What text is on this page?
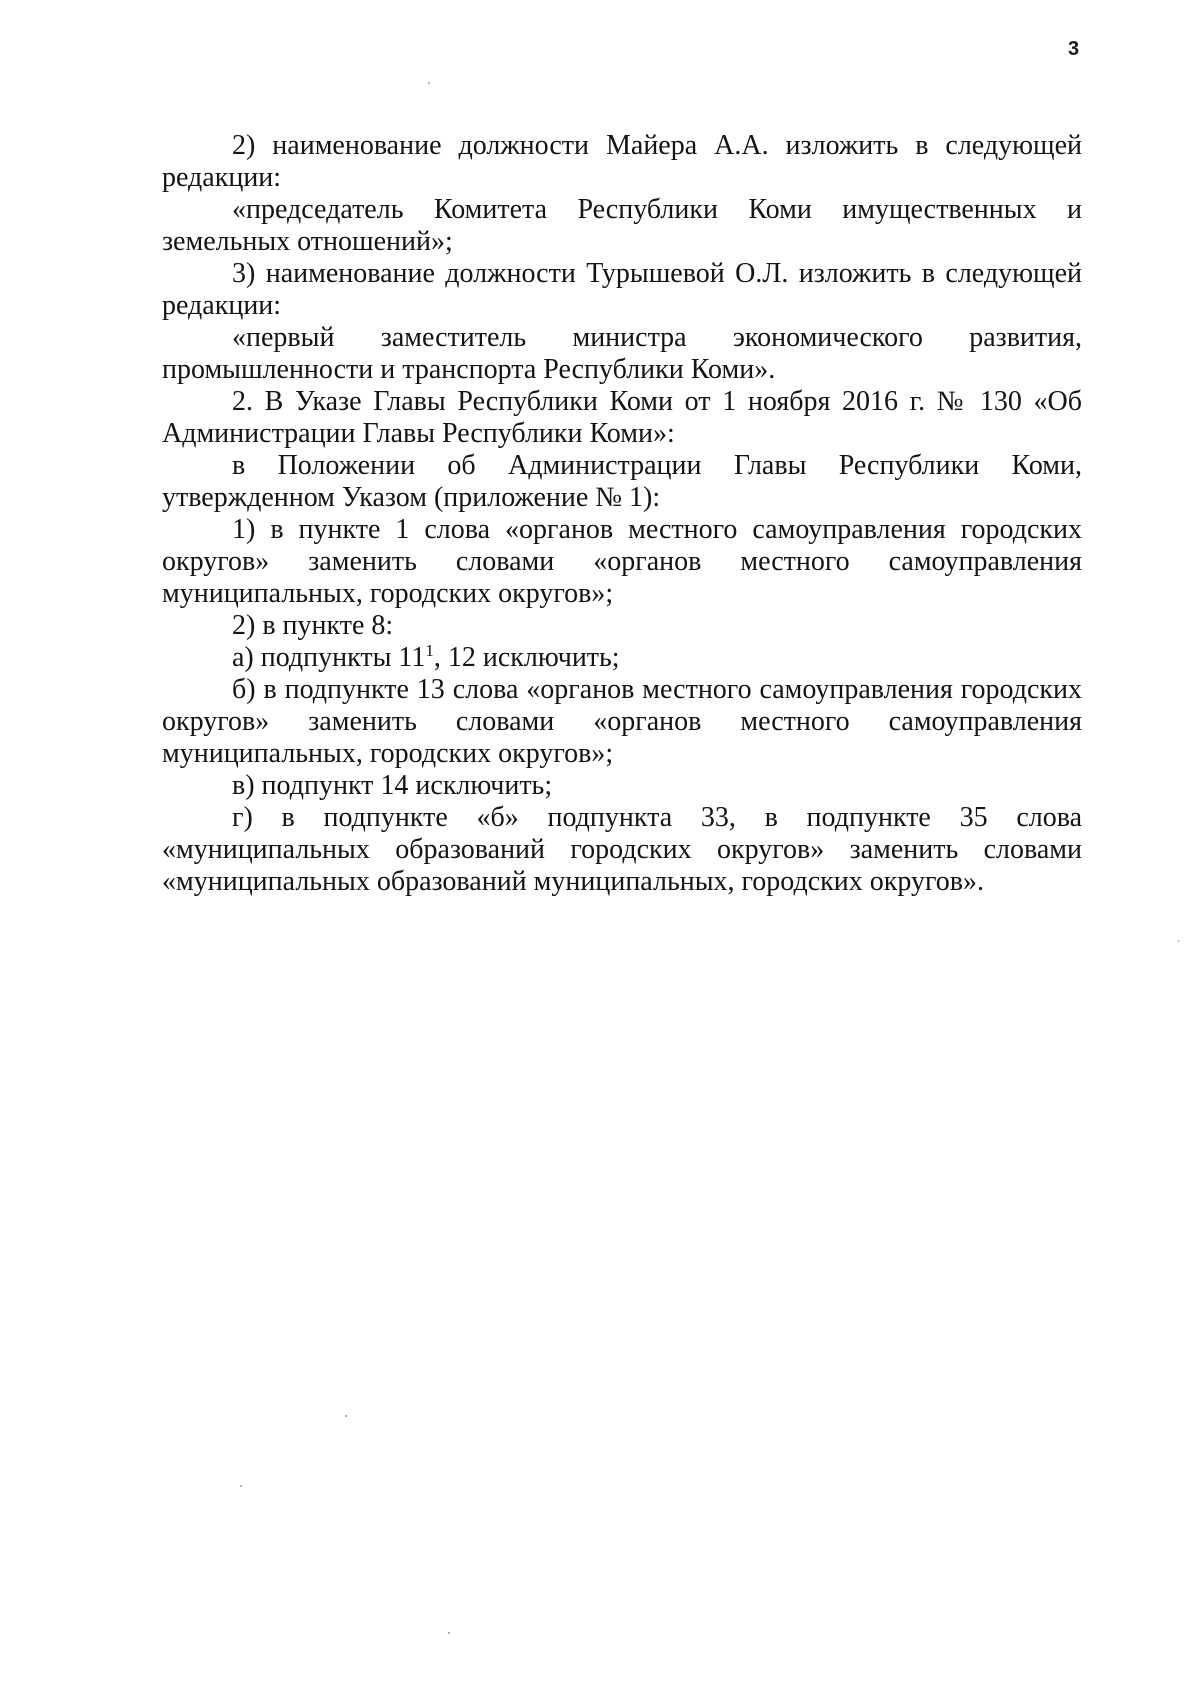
3

2) наименование должности Майера А.А. изложить в следующей редакции:

«председатель Комитета Республики Коми имущественных и земельных отношений»;

3) наименование должности Турышевой О.Л. изложить в следующей редакции:

«первый заместитель министра экономического развития, промышленности и транспорта Республики Коми».

2. В Указе Главы Республики Коми от 1 ноября 2016 г. № 130 «Об Администрации Главы Республики Коми»:

в Положении об Администрации Главы Республики Коми, утвержденном Указом (приложение № 1):

1) в пункте 1 слова «органов местного самоуправления городских округов» заменить словами «органов местного самоуправления муниципальных, городских округов»;

2) в пункте 8:

а) подпункты $11^1$, 12 исключить;

б) в подпункте 13 слова «органов местного самоуправления городских округов» заменить словами «органов местного самоуправления муниципальных, городских округов»;

в) подпункт 14 исключить;

г) в подпункте «б» подпункта 33, в подпункте 35 слова «муниципальных образований городских округов» заменить словами «муниципальных образований муниципальных, городских округов».
